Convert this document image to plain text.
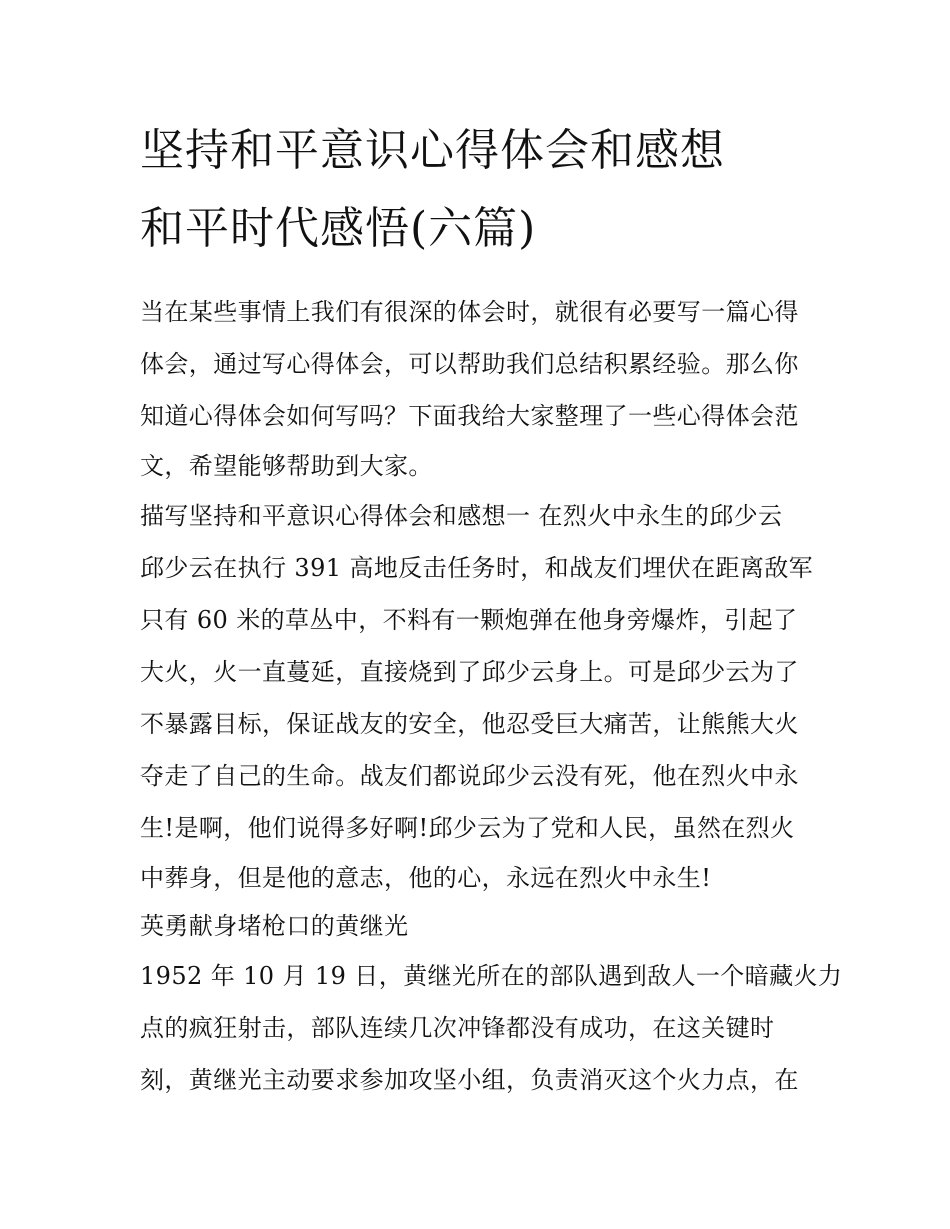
坚持和平意识心得体会和感想
和平时代感悟(六篇)
当在某些事情上我们有很深的体会时，就很有必要写一篇心得
体会，通过写心得体会，可以帮助我们总结积累经验。那么你
知道心得体会如何写吗？下面我给大家整理了一些心得体会范
文，希望能够帮助到大家。
描写坚持和平意识心得体会和感想一 在烈火中永生的邱少云
邱少云在执行 391 高地反击任务时，和战友们埋伏在距离敌军
只有 60 米的草丛中，不料有一颗炮弹在他身旁爆炸，引起了
大火，火一直蔓延，直接烧到了邱少云身上。可是邱少云为了
不暴露目标，保证战友的安全，他忍受巨大痛苦，让熊熊大火
夺走了自己的生命。战友们都说邱少云没有死，他在烈火中永
生!是啊，他们说得多好啊!邱少云为了党和人民，虽然在烈火
中葬身，但是他的意志，他的心，永远在烈火中永生!
英勇献身堵枪口的黄继光
1952 年 10 月 19 日，黄继光所在的部队遇到敌人一个暗藏火力
点的疯狂射击，部队连续几次冲锋都没有成功，在这关键时
刻，黄继光主动要求参加攻坚小组，负责消灭这个火力点，在
